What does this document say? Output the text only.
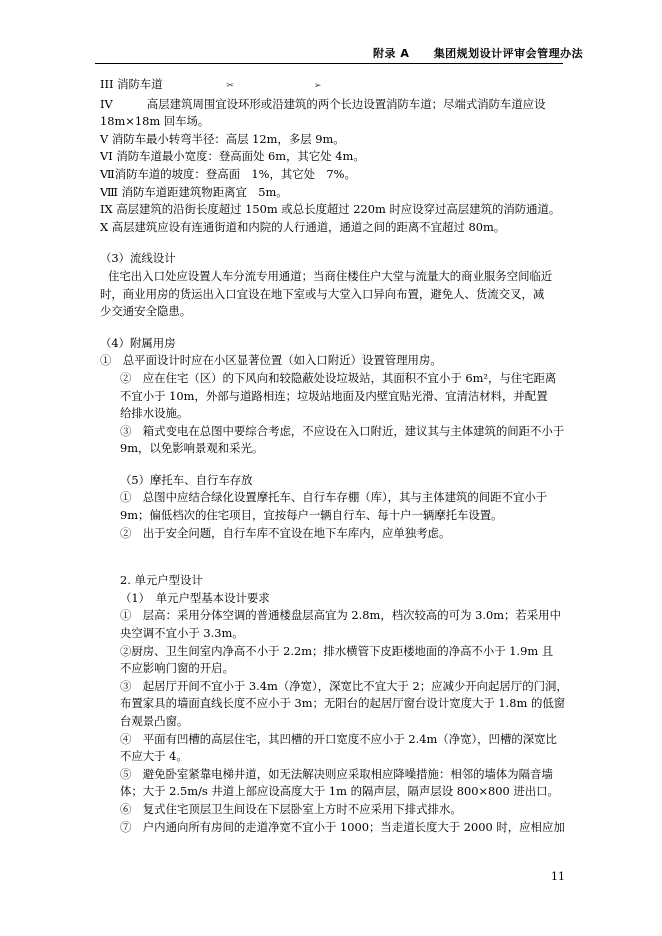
附录 A 集团规划设计评审会管理办法
III 消防车道	✂	➢
IV　　　高层建筑周围宜设环形或沿建筑的两个长边设置消防车道；尽端式消防车道应设
18m×18m 回车场。
V 消防车最小转弯半径：高层 12m，多层 9m。
VI 消防车道最小宽度：登高面处 6m，其它处 4m。
Ⅶ消防车道的坡度：登高面　1%，其它处　7%。
Ⅷ 消防车道距建筑物距离宜　5m。
IX 高层建筑的沿街长度超过 150m 或总长度超过 220m 时应设穿过高层建筑的消防通道。
X 高层建筑应设有连通街道和内院的人行通道，通道之间的距离不宜超过 80m。
（3）流线设计
住宅出入口处应设置人车分流专用通道；当商住楼住户大堂与流量大的商业服务空间临近
时，商业用房的货运出入口宜设在地下室或与大堂入口异向布置，避免人、货流交叉，减
少交通安全隐患。
（4）附属用房
①　总平面设计时应在小区显著位置（如入口附近）设置管理用房。
②　应在住宅（区）的下风向和较隐蔽处设垃圾站，其面积不宜小于 6m²，与住宅距离
不宜小于 10m，外部与道路相连；垃圾站地面及内壁宜贴光滑、宜清洁材料，并配置
给排水设施。
③　箱式变电在总图中要综合考虑，不应设在入口附近，建议其与主体建筑的间距不小于
9m，以免影响景观和采光。
（5）摩托车、自行车存放
①　总图中应结合绿化设置摩托车、自行车存棚（库），其与主体建筑的间距不宜小于
9m；偏低档次的住宅项目，宜按每户一辆自行车、每十户一辆摩托车设置。
②　出于安全问题，自行车库不宜设在地下车库内，应单独考虑。
2. 单元户型设计
（1）　单元户型基本设计要求
①　层高：采用分体空调的普通楼盘层高宜为 2.8m，档次较高的可为 3.0m；若采用中
央空调不宜小于 3.3m。
②厨房、卫生间室内净高不小于 2.2m；排水横管下皮距楼地面的净高不小于 1.9m 且
不应影响门窗的开启。
③　起居厅开间不宜小于 3.4m（净宽），深宽比不宜大于 2；应减少开向起居厅的门洞，
布置家具的墙面直线长度不应小于 3m；无阳台的起居厅窗台设计宽度大于 1.8m 的低窗
台观景凸窗。
④　平面有凹槽的高层住宅，其凹槽的开口宽度不应小于 2.4m（净宽），凹槽的深宽比
不应大于 4。
⑤　避免卧室紧靠电梯井道，如无法解决则应采取相应降噪措施：相邻的墙体为隔音墙
体；大于 2.5m/s 井道上部应设高度大于 1m 的隔声层，隔声层设 800×800 进出口。
⑥　复式住宅顶层卫生间设在下层卧室上方时不应采用下排式排水。
⑦　户内通向所有房间的走道净宽不宜小于 1000；当走道长度大于 2000 时，应相应加
11
